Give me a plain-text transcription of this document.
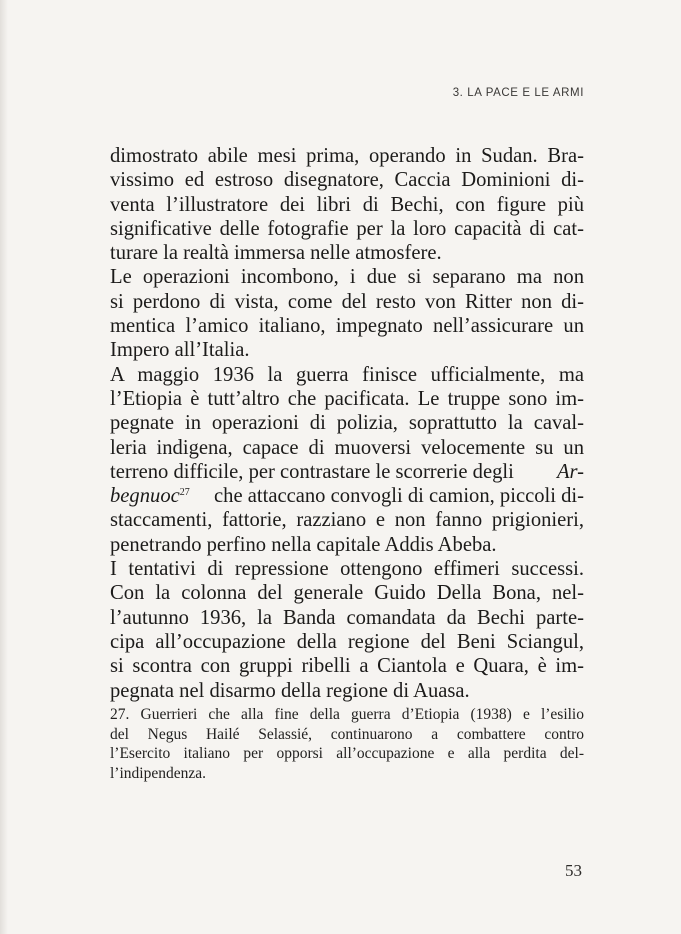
3. LA PACE E LE ARMI
dimostrato abile mesi prima, operando in Sudan. Bra-
vissimo ed estroso disegnatore, Caccia Dominioni di-
venta l’illustratore dei libri di Bechi, con figure più
significative delle fotografie per la loro capacità di cat-
turare la realtà immersa nelle atmosfere.
Le operazioni incombono, i due si separano ma non
si perdono di vista, come del resto von Ritter non di-
mentica l’amico italiano, impegnato nell’assicurare un
Impero all’Italia.
A maggio 1936 la guerra finisce ufficialmente, ma
l’Etiopia è tutt’altro che pacificata. Le truppe sono im-
pegnate in operazioni di polizia, soprattutto la caval-
leria indigena, capace di muoversi velocemente su un
terreno difficile, per contrastare le scorrerie degli Ar-
begnuoc$^{27}$ che attaccano convogli di camion, piccoli di-
staccamenti, fattorie, razziano e non fanno prigionieri,
penetrando perfino nella capitale Addis Abeba.
I tentativi di repressione ottengono effimeri successi.
Con la colonna del generale Guido Della Bona, nel-
l’autunno 1936, la Banda comandata da Bechi parte-
cipa all’occupazione della regione del Beni Sciangul,
si scontra con gruppi ribelli a Ciantola e Quara, è im-
pegnata nel disarmo della regione di Auasa.
27. Guerrieri che alla fine della guerra d’Etiopia (1938) e l’esilio
del Negus Hailé Selassié, continuarono a combattere contro
l’Esercito italiano per opporsi all’occupazione e alla perdita del-
l’indipendenza.
53
